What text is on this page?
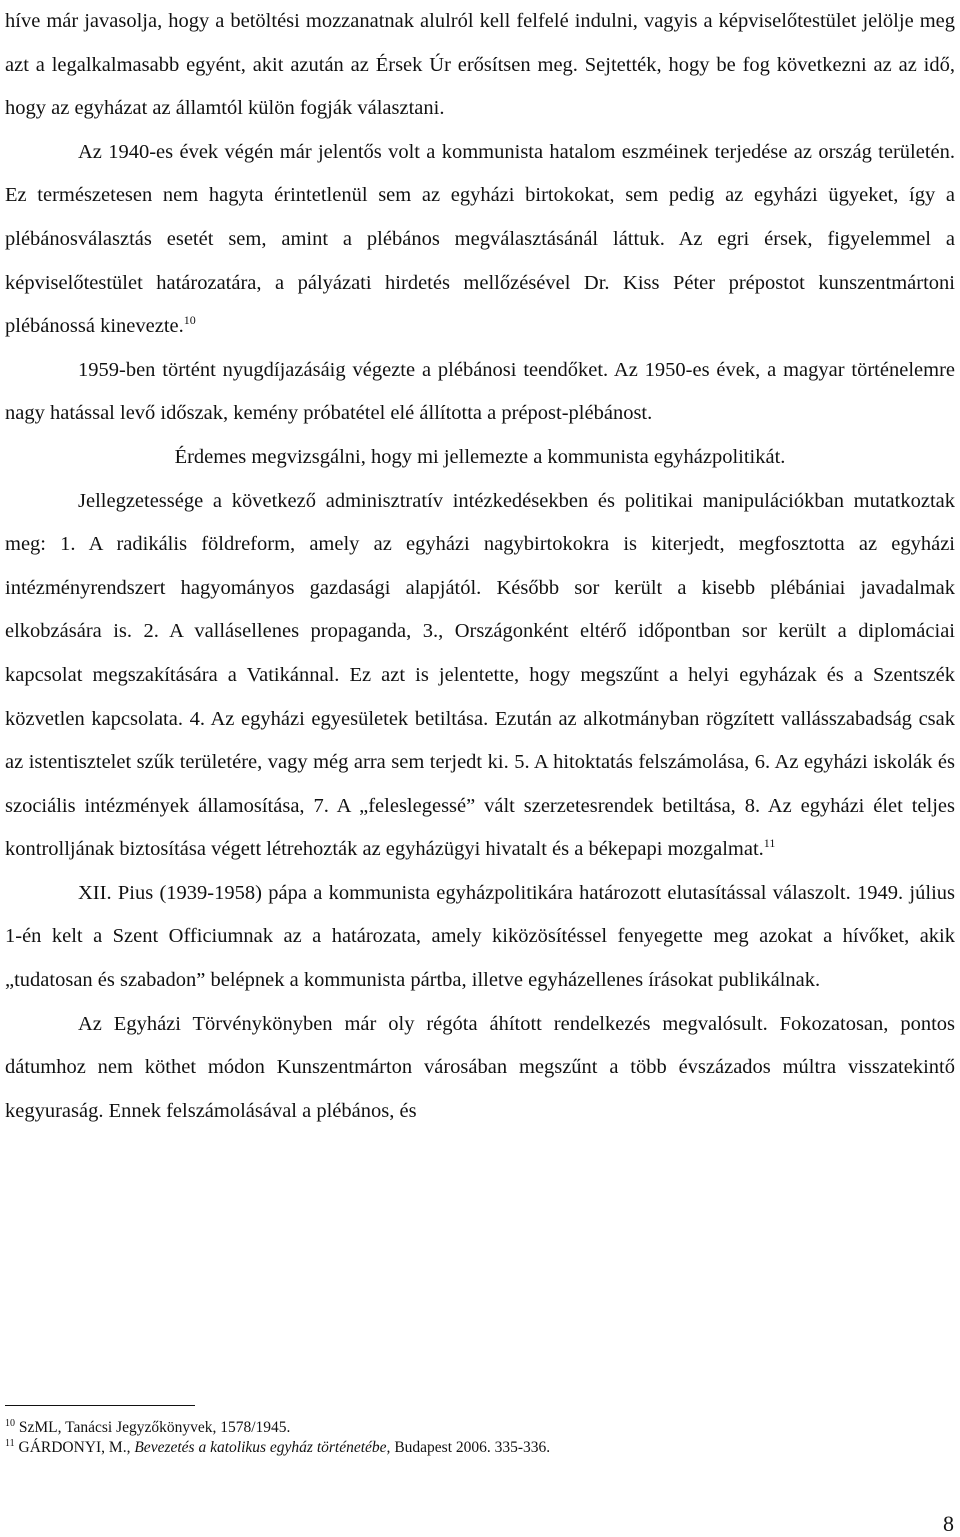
híve már javasolja, hogy a betöltési mozzanatnak alulról kell felfelé indulni, vagyis a képviselőtestület jelölje meg azt a legalkalmasabb egyént, akit azután az Érsek Úr erősítsen meg. Sejtették, hogy be fog következni az az idő, hogy az egyházat az államtól külön fogják választani.

Az 1940-es évek végén már jelentős volt a kommunista hatalom eszméinek terjedése az ország területén. Ez természetesen nem hagyta érintetlenül sem az egyházi birtokokat, sem pedig az egyházi ügyeket, így a plébánosválasztás esetét sem, amint a plébános megválasztásánál láttuk. Az egri érsek, figyelemmel a képviselőtestület határozatára, a pályázati hirdetés mellőzésével Dr. Kiss Péter prépostot kunszentmártoni plébánossá kinevezte.$^{10}$

1959-ben történt nyugdíjazásáig végezte a plébánosi teendőket. Az 1950-es évek, a magyar történelemre nagy hatással levő időszak, kemény próbatétel elé állította a prépost-plébánost.

Érdemes megvizsgálni, hogy mi jellemezte a kommunista egyházpolitikát.

Jellegzetessége a következő adminisztratív intézkedésekben és politikai manipulációkban mutatkoztak meg: 1. A radikális földreform, amely az egyházi nagybirtokokra is kiterjedt, megfosztotta az egyházi intézményrendszert hagyományos gazdasági alapjától. Később sor került a kisebb plébániai javadalmak elkobzására is. 2. A vallásellenes propaganda, 3., Országonként eltérő időpontban sor került a diplomáciai kapcsolat megszakítására a Vatikánnal. Ez azt is jelentette, hogy megszűnt a helyi egyházak és a Szentszék közvetlen kapcsolata. 4. Az egyházi egyesületek betiltása. Ezután az alkotmányban rögzített vallásszabadság csak az istentisztelet szűk területére, vagy még arra sem terjedt ki. 5. A hitoktatás felszámolása, 6. Az egyházi iskolák és szociális intézmények államosítása, 7. A „feleslegessé” vált szerzetesrendek betiltása, 8. Az egyházi élet teljes kontrolljának biztosítása végett létrehozták az egyházügyi hivatalt és a békepapi mozgalmat.$^{11}$

XII. Pius (1939-1958) pápa a kommunista egyházpolitikára határozott elutasítással válaszolt. 1949. július 1-én kelt a Szent Officiumnak az a határozata, amely kiközösítéssel fenyegette meg azokat a hívőket, akik „tudatosan és szabadon” belépnek a kommunista pártba, illetve egyházellenes írásokat publikálnak.

Az Egyházi Törvénykönyben már oly régóta áhított rendelkezés megvalósult. Fokozatosan, pontos dátumhoz nem köthet módon Kunszentmárton városában megszűnt a több évszázados múltra visszatekintő kegyuraság. Ennek felszámolásával a plébános, és

$^{10}$ SzML, Tanácsi Jegyzőkönyvek, 1578/1945.

$^{11}$ GÁRDONYI, M., Bevezetés a katolikus egyház történetébe, Budapest 2006. 335-336.

8
